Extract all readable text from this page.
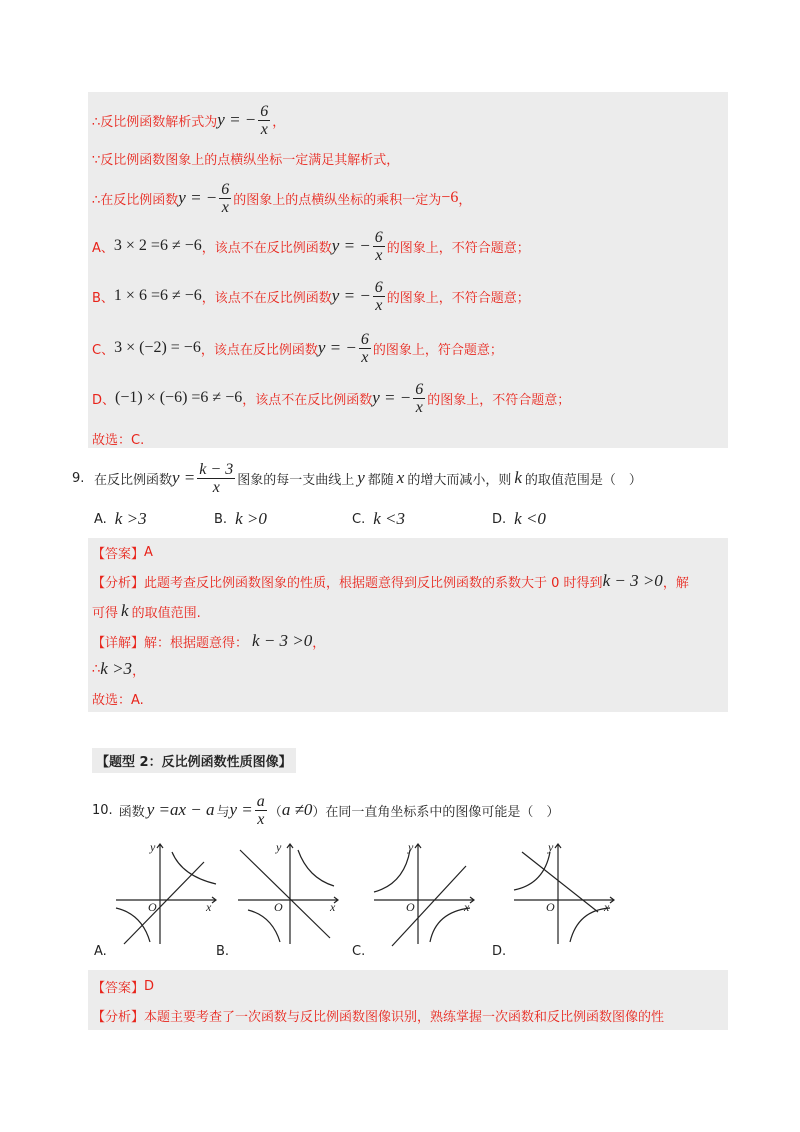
∴反比例函数解析式为 y = − $\frac{6}{x}$ ，
∵反比例函数图象上的点横纵坐标一定满足其解析式，
∴在反比例函数 y = − $\frac{6}{x}$ 的图象上的点横纵坐标的乘积一定为 −6 ，
A、 3 × 2 =6 ≠ −6 ，该点不在反比例函数 y = − $\frac{6}{x}$ 的图象上，不符合题意；
B、 1 × 6 =6 ≠ −6 ，该点不在反比例函数 y = − $\frac{6}{x}$ 的图象上，不符合题意；
C、 3 × (−2) = −6 ，该点在反比例函数 y = − $\frac{6}{x}$ 的图象上，符合题意；
D、 (−1) × (−6) =6 ≠ −6 ，该点不在反比例函数 y = − $\frac{6}{x}$ 的图象上，不符合题意；
故选：C.
9. 在反比例函数 $y = \frac{k - 3}{x}$ 图象的每一支曲线上 y 都随 x 的增大而减小，则 k 的取值范围是（　）
A. k >3	B. k >0	C. k <3	D. k <0
【答案】 A
【分析】 此题考查反比例函数图象的性质，根据题意得到反比例函数的系数大于 0 时得到 k − 3 >0 ，解
可得 k 的取值范围.
【详解】 解：根据题意得： k − 3 >0 ，
∴ k >3 ，
故选：A.
【题型 2：反比例函数性质图像】
10. 函数 y =ax − a 与 $y = \frac{a}{x}$ （ a ≠0 ）在同一直角坐标系中的图像可能是（　）
y
x
O
y
x
O
y
x
O
y
x
O
A.	B.	C.	D.
【答案】 D
【分析】 本题主要考查了一次函数与反比例函数图像识别，熟练掌握一次函数和反比例函数图像的性
